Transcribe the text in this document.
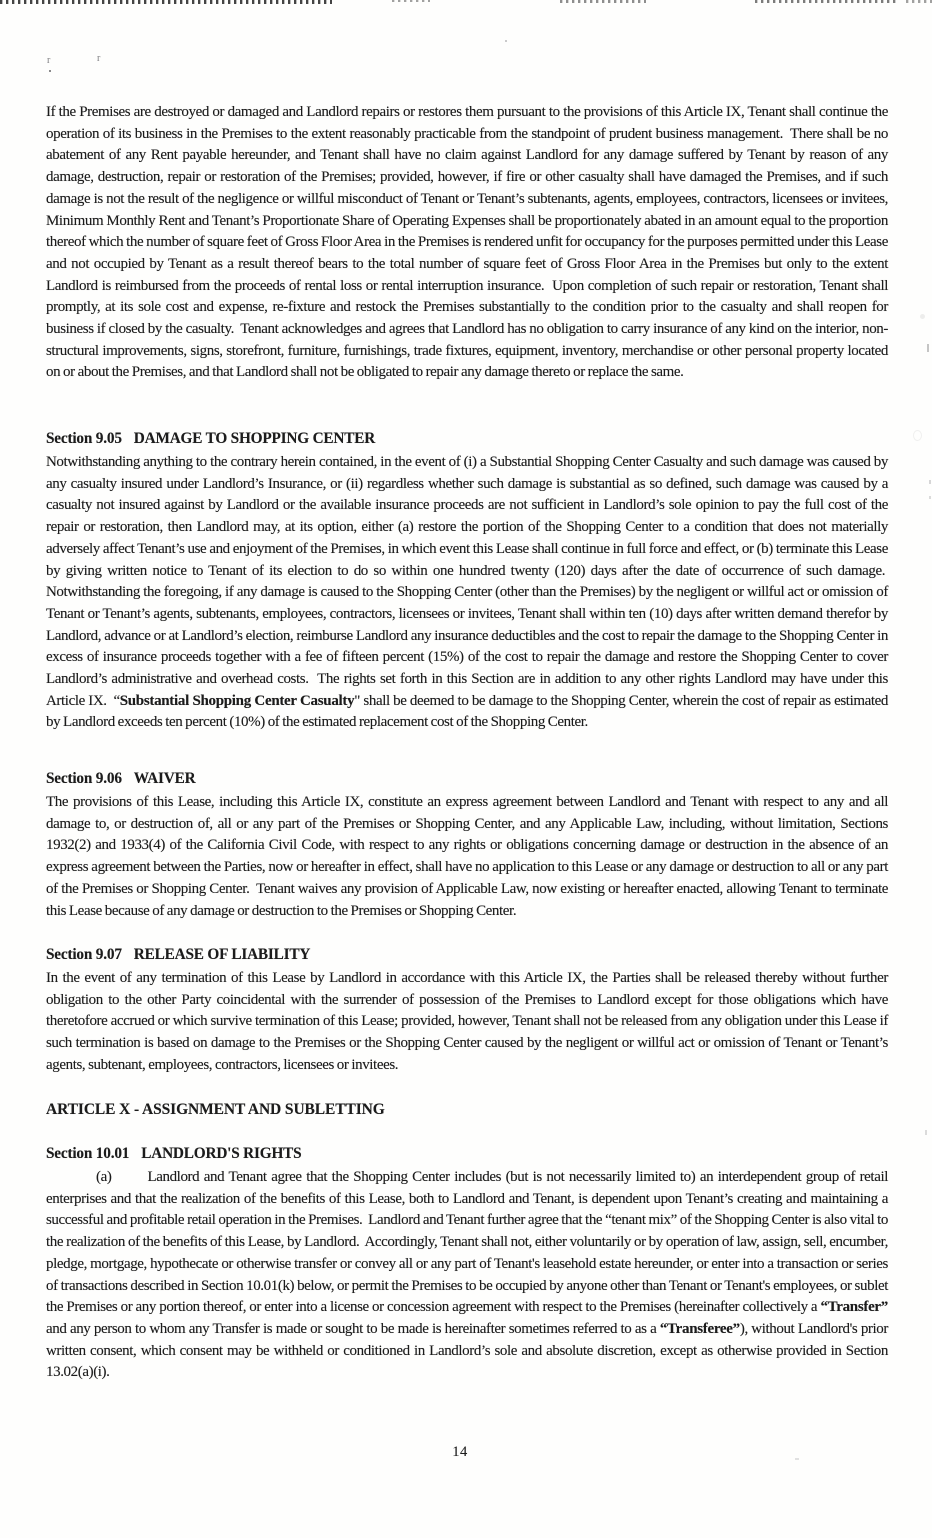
r	r

If the Premises are destroyed or damaged and Landlord repairs or restores them pursuant to the provisions of this Article IX, Tenant shall continue the operation of its business in the Premises to the extent reasonably practicable from the standpoint of prudent business management.  There shall be no abatement of any Rent payable hereunder, and Tenant shall have no claim against Landlord for any damage suffered by Tenant by reason of any damage, destruction, repair or restoration of the Premises; provided, however, if fire or other casualty shall have damaged the Premises, and if such damage is not the result of the negligence or willful misconduct of Tenant or Tenant’s subtenants, agents, employees, contractors, licensees or invitees, Minimum Monthly Rent and Tenant’s Proportionate Share of Operating Expenses shall be proportionately abated in an amount equal to the proportion thereof which the number of square feet of Gross Floor Area in the Premises is rendered unfit for occupancy for the purposes permitted under this Lease and not occupied by Tenant as a result thereof bears to the total number of square feet of Gross Floor Area in the Premises but only to the extent Landlord is reimbursed from the proceeds of rental loss or rental interruption insurance.  Upon completion of such repair or restoration, Tenant shall promptly, at its sole cost and expense, re-fixture and restock the Premises substantially to the condition prior to the casualty and shall reopen for business if closed by the casualty.  Tenant acknowledges and agrees that Landlord has no obligation to carry insurance of any kind on the interior, non-structural improvements, signs, storefront, furniture, furnishings, trade fixtures, equipment, inventory, merchandise or other personal property located on or about the Premises, and that Landlord shall not be obligated to repair any damage thereto or replace the same.

Section 9.05 DAMAGE TO SHOPPING CENTER

Notwithstanding anything to the contrary herein contained, in the event of (i) a Substantial Shopping Center Casualty and such damage was caused by any casualty insured under Landlord’s Insurance, or (ii) regardless whether such damage is substantial as so defined, such damage was caused by a casualty not insured against by Landlord or the available insurance proceeds are not sufficient in Landlord’s sole opinion to pay the full cost of the repair or restoration, then Landlord may, at its option, either (a) restore the portion of the Shopping Center to a condition that does not materially adversely affect Tenant’s use and enjoyment of the Premises, in which event this Lease shall continue in full force and effect, or (b) terminate this Lease by giving written notice to Tenant of its election to do so within one hundred twenty (120) days after the date of occurrence of such damage.  Notwithstanding the foregoing, if any damage is caused to the Shopping Center (other than the Premises) by the negligent or willful act or omission of Tenant or Tenant’s agents, subtenants, employees, contractors, licensees or invitees, Tenant shall within ten (10) days after written demand therefor by Landlord, advance or at Landlord’s election, reimburse Landlord any insurance deductibles and the cost to repair the damage to the Shopping Center in excess of insurance proceeds together with a fee of fifteen percent (15%) of the cost to repair the damage and restore the Shopping Center to cover Landlord’s administrative and overhead costs.  The rights set forth in this Section are in addition to any other rights Landlord may have under this Article IX.  “Substantial Shopping Center Casualty" shall be deemed to be damage to the Shopping Center, wherein the cost of repair as estimated by Landlord exceeds ten percent (10%) of the estimated replacement cost of the Shopping Center.

Section 9.06 WAIVER

The provisions of this Lease, including this Article IX, constitute an express agreement between Landlord and Tenant with respect to any and all damage to, or destruction of, all or any part of the Premises or Shopping Center, and any Applicable Law, including, without limitation, Sections 1932(2) and 1933(4) of the California Civil Code, with respect to any rights or obligations concerning damage or destruction in the absence of an express agreement between the Parties, now or hereafter in effect, shall have no application to this Lease or any damage or destruction to all or any part of the Premises or Shopping Center.  Tenant waives any provision of Applicable Law, now existing or hereafter enacted, allowing Tenant to terminate this Lease because of any damage or destruction to the Premises or Shopping Center.

Section 9.07 RELEASE OF LIABILITY

In the event of any termination of this Lease by Landlord in accordance with this Article IX, the Parties shall be released thereby without further obligation to the other Party coincidental with the surrender of possession of the Premises to Landlord except for those obligations which have theretofore accrued or which survive termination of this Lease; provided, however, Tenant shall not be released from any obligation under this Lease if such termination is based on damage to the Premises or the Shopping Center caused by the negligent or willful act or omission of Tenant or Tenant’s agents, subtenant, employees, contractors, licensees or invitees.

ARTICLE X - ASSIGNMENT AND SUBLETTING
Section 10.01 LANDLORD'S RIGHTS

(a) Landlord and Tenant agree that the Shopping Center includes (but is not necessarily limited to) an interdependent group of retail enterprises and that the realization of the benefits of this Lease, both to Landlord and Tenant, is dependent upon Tenant’s creating and maintaining a successful and profitable retail operation in the Premises.  Landlord and Tenant further agree that the “tenant mix” of the Shopping Center is also vital to the realization of the benefits of this Lease, by Landlord.  Accordingly, Tenant shall not, either voluntarily or by operation of law, assign, sell, encumber, pledge, mortgage, hypothecate or otherwise transfer or convey all or any part of Tenant's leasehold estate hereunder, or enter into a transaction or series of transactions described in Section 10.01(k) below, or permit the Premises to be occupied by anyone other than Tenant or Tenant's employees, or sublet the Premises or any portion thereof, or enter into a license or concession agreement with respect to the Premises (hereinafter collectively a “Transfer” and any person to whom any Transfer is made or sought to be made is hereinafter sometimes referred to as a “Transferee”), without Landlord's prior written consent, which consent may be withheld or conditioned in Landlord’s sole and absolute discretion, except as otherwise provided in Section 13.02(a)(i).

14
